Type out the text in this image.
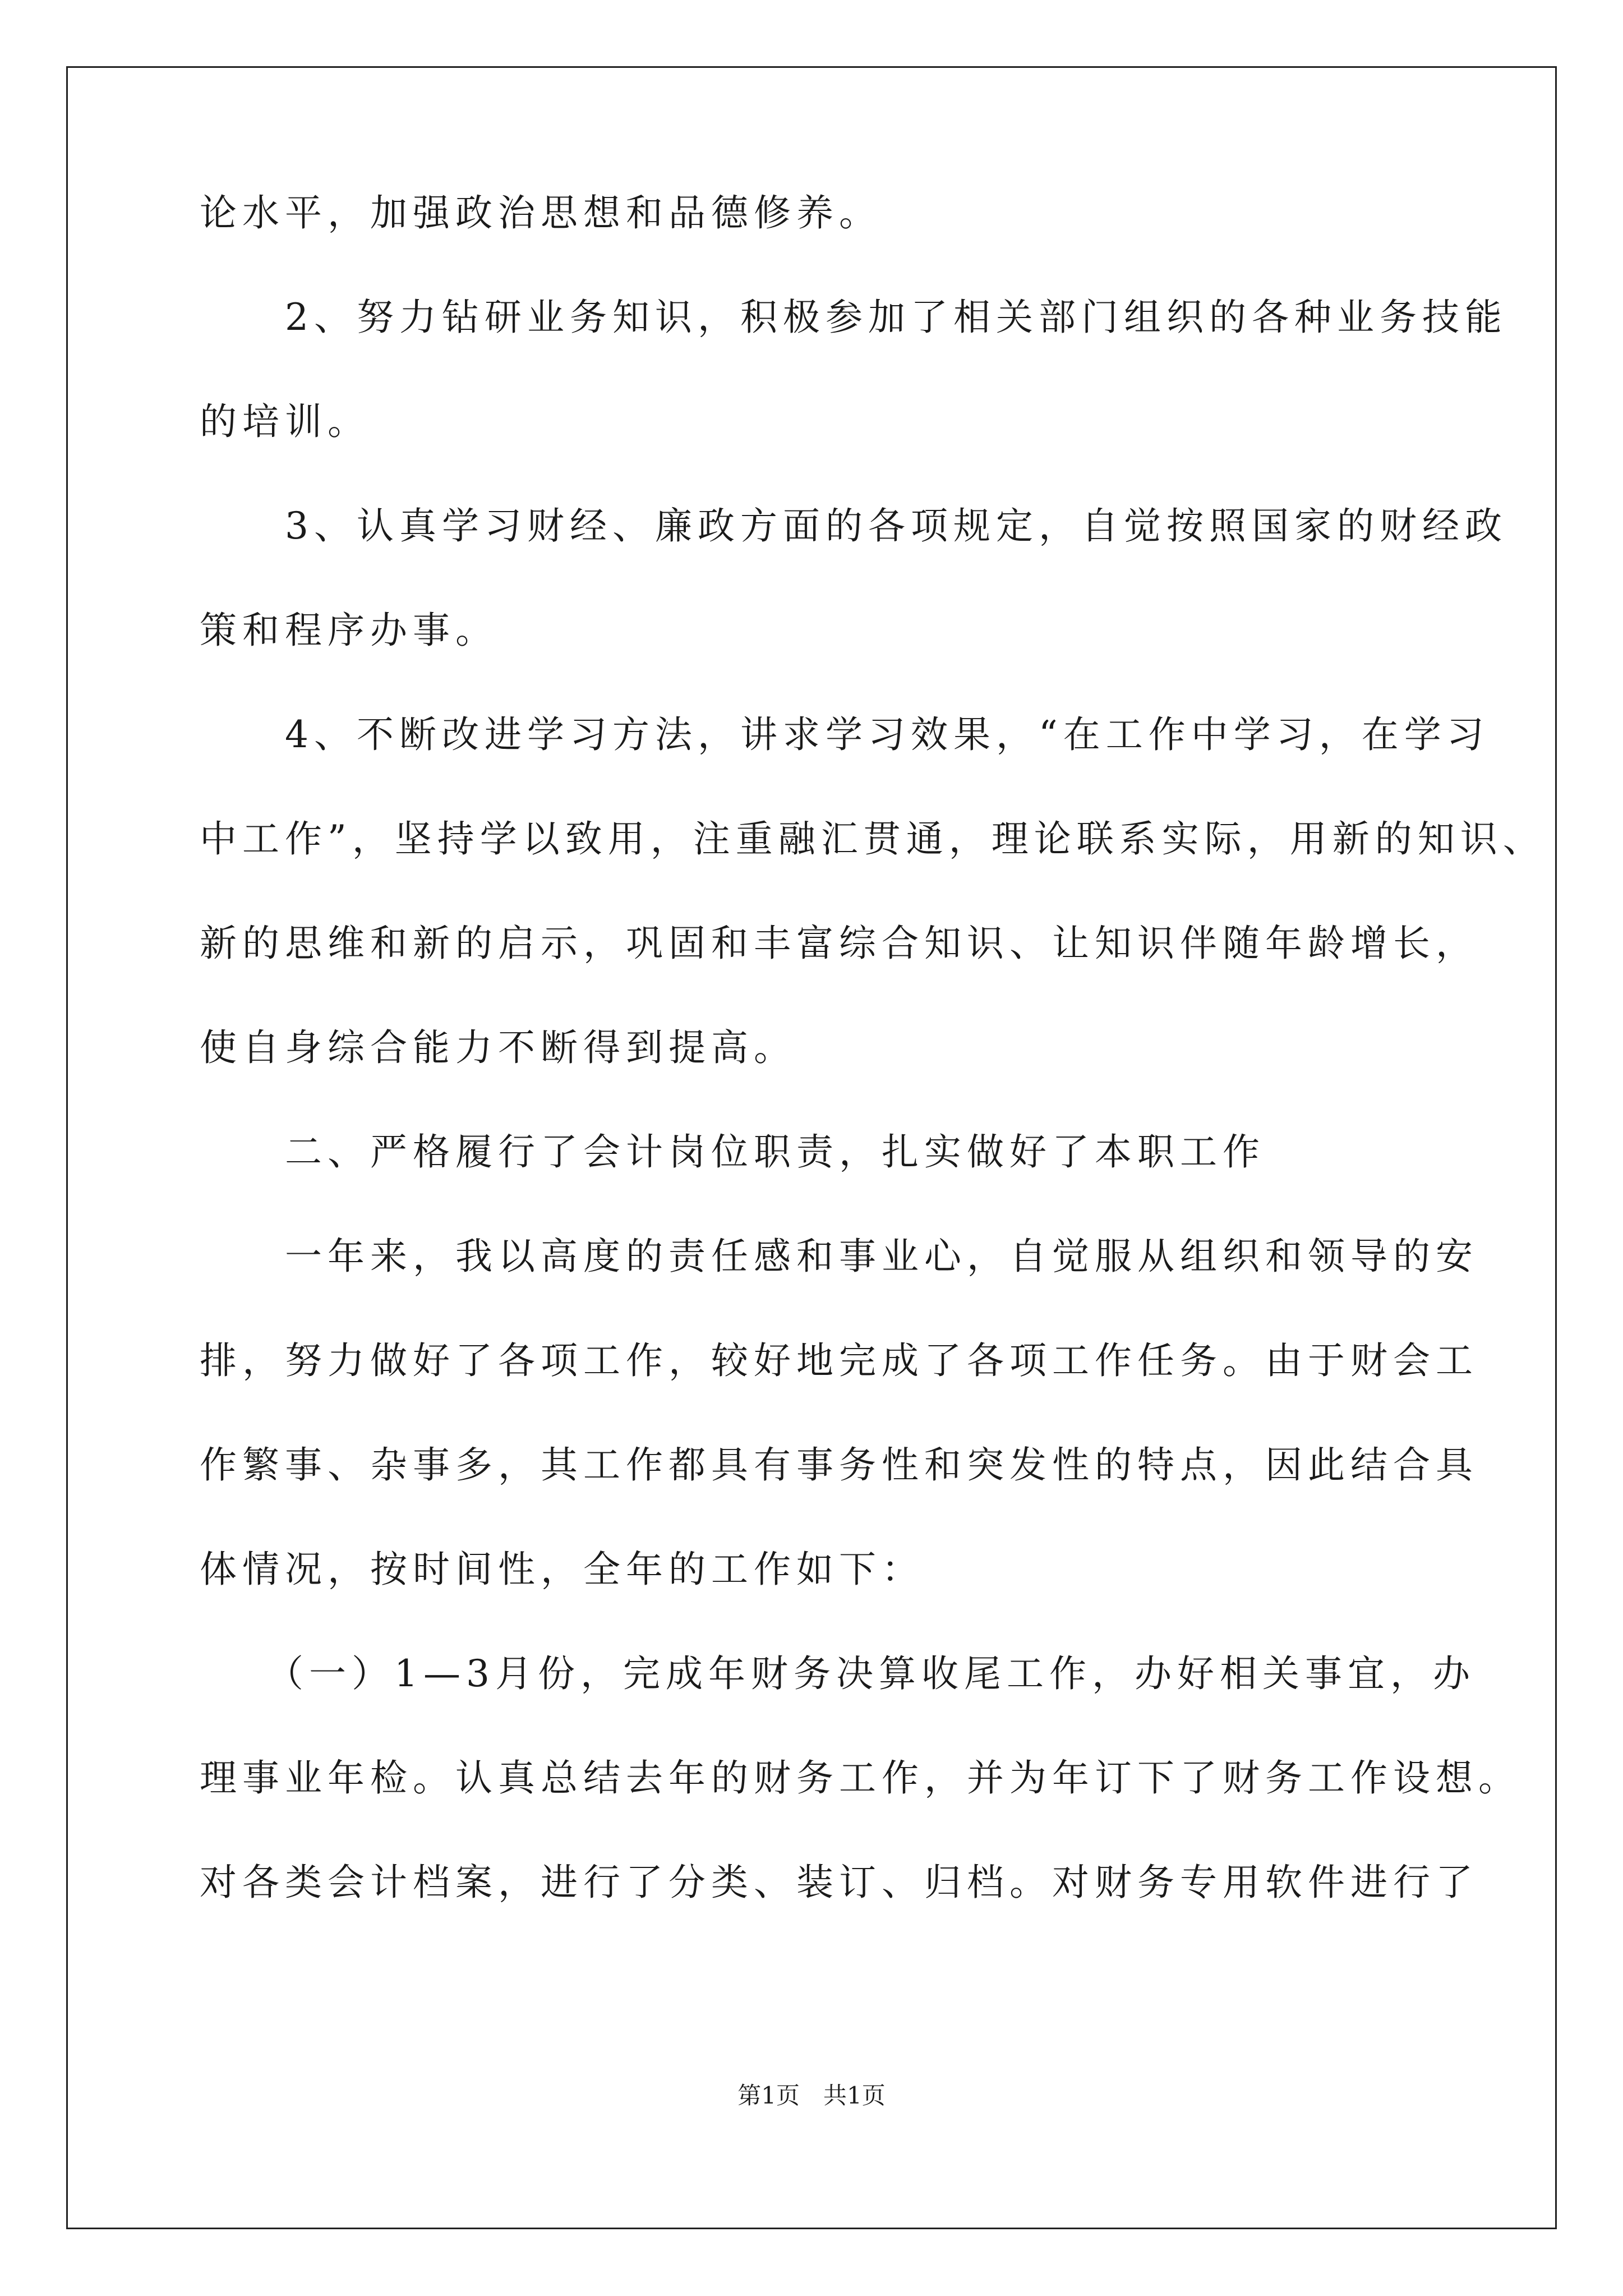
论水平，加强政治思想和品德修养。
　　2、努力钻研业务知识，积极参加了相关部门组织的各种业务技能
的培训。
　　3、认真学习财经、廉政方面的各项规定，自觉按照国家的财经政
策和程序办事。
　　4、不断改进学习方法，讲求学习效果，“在工作中学习，在学习
中工作”，坚持学以致用，注重融汇贯通，理论联系实际，用新的知识、
新的思维和新的启示，巩固和丰富综合知识、让知识伴随年龄增长，
使自身综合能力不断得到提高。
　　二、严格履行了会计岗位职责，扎实做好了本职工作
　　一年来，我以高度的责任感和事业心，自觉服从组织和领导的安
排，努力做好了各项工作，较好地完成了各项工作任务。由于财会工
作繁事、杂事多，其工作都具有事务性和突发性的特点，因此结合具
体情况，按时间性，全年的工作如下：
　　（一）1—3月份，完成年财务决算收尾工作，办好相关事宜，办
理事业年检。认真总结去年的财务工作，并为年订下了财务工作设想。
对各类会计档案，进行了分类、装订、归档。对财务专用软件进行了
第1页　共1页
